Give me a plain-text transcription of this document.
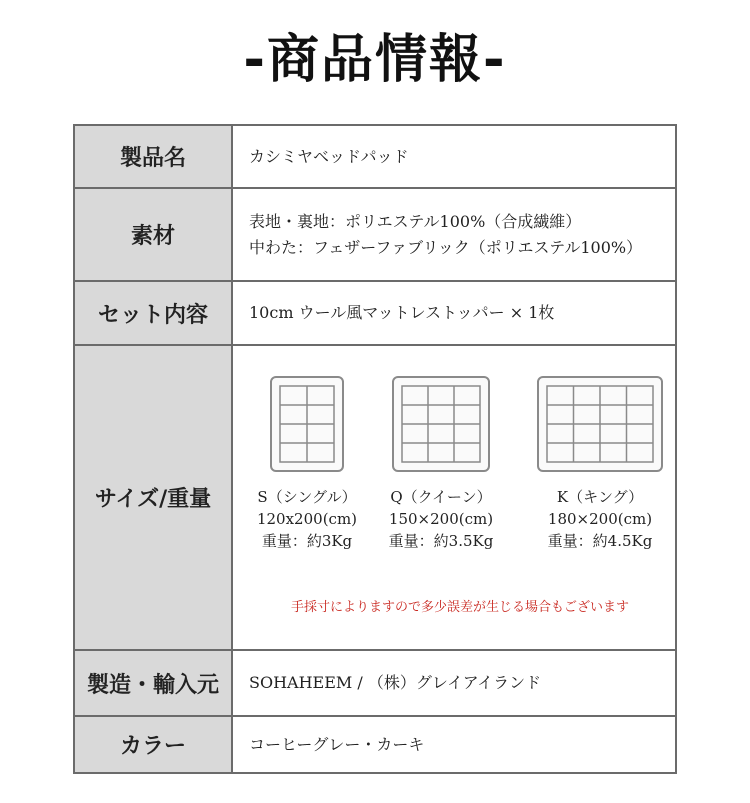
-商品情報-
製品名	カシミヤベッドパッド
素材
表地・裏地：ポリエステル100%（合成繊維）
中わた：フェザーファブリック（ポリエステル100%）
セット内容	10cm ウール風マットレストッパー × 1枚
サイズ/重量	S（シングル）
120x200(cm)
重量：約3Kg
Q（クイーン）
150×200(cm)
重量：約3.5Kg
K（キング）
180×200(cm)
重量：約4.5Kg
手採寸によりますので多少誤差が生じる場合もございます
製造・輸入元	SOHAHEEM / （株）グレイアイランド
カラー	コーヒーグレー・カーキ
